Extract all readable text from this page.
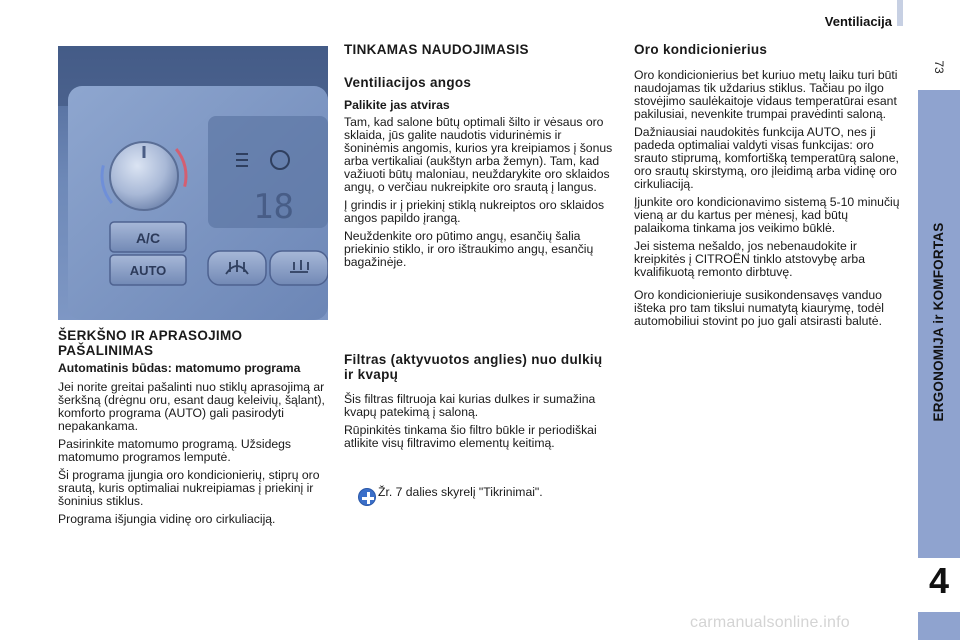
Ventiliacija
73
ERGONOMIJA ir KOMFORTAS
4
18
A/C
AUTO
ŠERKŠNO IR APRASOJIMO PAŠALINIMAS
Automatinis būdas: matomumo programa

Jei norite greitai pašalinti nuo stiklų aprasojimą ar šerkšną (drėgnu oru, esant daug keleivių, šąlant), komforto programa (AUTO) gali pasirodyti nepakankama.

Pasirinkite matomumo programą. Užsidegs matomumo programos lemputė.

Ši programa įjungia oro kondicionierių, stiprų oro srautą, kuris optimaliai nukreipiamas į priekinį ir šoninius stiklus.

Programa išjungia vidinę oro cirkuliaciją.

TINKAMAS NAUDOJIMASIS
Ventiliacijos angos
Palikite jas atviras

Tam, kad salone būtų optimali šilto ir vėsaus oro sklaida, jūs galite naudotis vidurinėmis ir šoninėmis angomis, kurios yra kreipiamos į šonus arba vertikaliai (aukštyn arba žemyn). Tam, kad važiuoti būtų maloniau, neuždarykite oro sklaidos angų, o verčiau nukreipkite oro srautą į langus.

Į grindis ir į priekinį stiklą nukreiptos oro sklaidos angos papildo įrangą.

Neuždenkite oro pūtimo angų, esančių šalia priekinio stiklo, ir oro ištraukimo angų, esančių bagažinėje.

Filtras (aktyvuotos anglies) nuo dulkių ir kvapų

Šis filtras filtruoja kai kurias dulkes ir sumažina kvapų patekimą į saloną.

Rūpinkitės tinkama šio filtro būkle ir periodiškai atlikite visų filtravimo elementų keitimą.

Žr. 7 dalies skyrelį "Tikrinimai".
Oro kondicionierius

Oro kondicionierius bet kuriuo metų laiku turi būti naudojamas tik uždarius stiklus. Tačiau po ilgo stovėjimo saulėkaitoje vidaus temperatūrai esant pakilusiai, nevenkite trumpai pravėdinti saloną.

Dažniausiai naudokitės funkcija AUTO, nes ji padeda optimaliai valdyti visas funkcijas: oro srauto stiprumą, komfortišką temperatūrą salone, oro srautų skirstymą, oro įleidimą arba vidinę oro cirkuliaciją.

Įjunkite oro kondicionavimo sistemą 5-10 minučių vieną ar du kartus per mėnesį, kad būtų palaikoma tinkama jos veikimo būklė.

Jei sistema nešaldo, jos nebenaudokite ir kreipkitės į CITROËN tinklo atstovybę arba kvalifikuotą remonto dirbtuvę.

Oro kondicionieriuje susikondensavęs vanduo išteka pro tam tikslui numatytą kiaurymę, todėl automobiliui stovint po juo gali atsirasti balutė.

carmanualsonline.info
